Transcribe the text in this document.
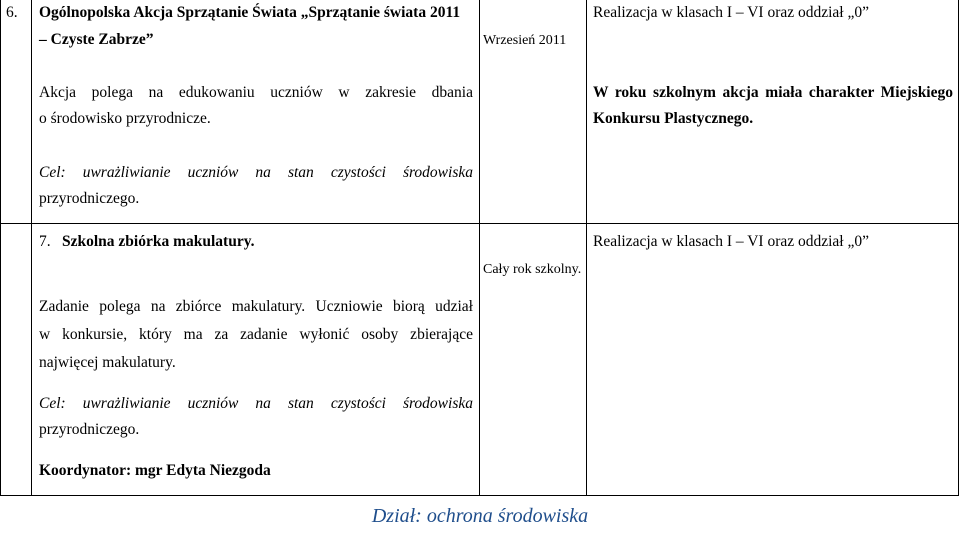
6. Ogólnopolska Akcja Sprzątanie Świata „Sprzątanie świata 2011
– Czyste Zabrze”	Wrzesień 2011
Realizacja w klasach I – VI oraz oddział „0”
Akcja polega na edukowaniu uczniów w zakresie dbania
o środowisko przyrodnicze.
W roku szkolnym akcja miała charakter Miejskiego
Konkursu Plastycznego.
Cel: uwrażliwianie uczniów na stan czystości środowiska
przyrodniczego.
7. Szkolna zbiórka makulatury.	Realizacja w klasach I – VI oraz oddział „0”
Cały rok szkolny.
Zadanie polega na zbiórce makulatury. Uczniowie biorą udział
w konkursie, który ma za zadanie wyłonić osoby zbierające
najwięcej makulatury.
Cel: uwrażliwianie uczniów na stan czystości środowiska
przyrodniczego.
Koordynator: mgr Edyta Niezgoda
Dział: ochrona środowiska
